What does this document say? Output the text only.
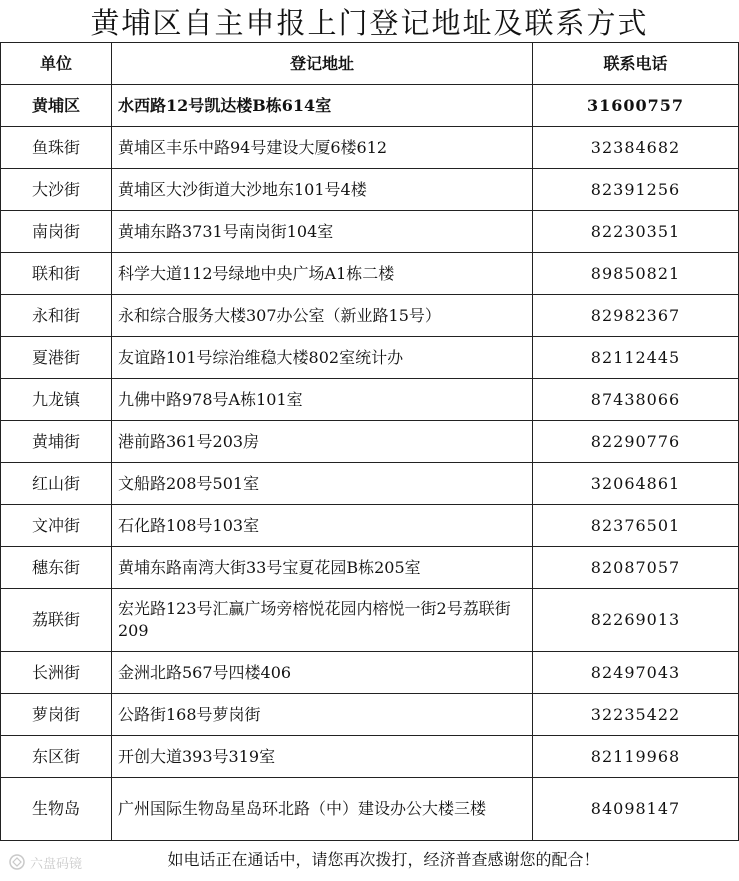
黄埔区自主申报上门登记地址及联系方式
单位	登记地址	联系电话
黄埔区	水西路12号凯达楼B栋614室	31600757
鱼珠街	黄埔区丰乐中路94号建设大厦6楼612	32384682
大沙街	黄埔区大沙街道大沙地东101号4楼	82391256
南岗街	黄埔东路3731号南岗街104室	82230351
联和街	科学大道112号绿地中央广场A1栋二楼	89850821
永和街	永和综合服务大楼307办公室（新业路15号）	82982367
夏港街	友谊路101号综治维稳大楼802室统计办	82112445
九龙镇	九佛中路978号A栋101室	87438066
黄埔街	港前路361号203房	82290776
红山街	文船路208号501室	32064861
文冲街	石化路108号103室	82376501
穗东街	黄埔东路南湾大街33号宝夏花园B栋205室	82087057
荔联街	宏光路123号汇赢广场旁榕悦花园内榕悦一街2号荔联街209	82269013
长洲街	金洲北路567号四楼406	82497043
萝岗街	公路街168号萝岗街	32235422
东区街	开创大道393号319室	82119968
生物岛	广州国际生物岛星岛环北路（中）建设办公大楼三楼	84098147
六盘码镜	如电话正在通话中，请您再次拨打，经济普查感谢您的配合！
